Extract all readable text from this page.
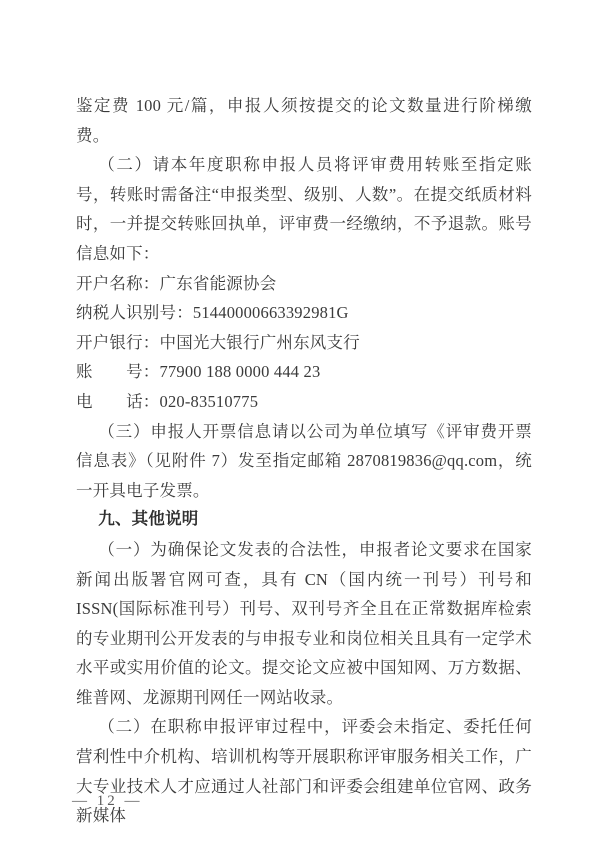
鉴定费 100 元/篇，申报人须按提交的论文数量进行阶梯缴费。

（二）请本年度职称申报人员将评审费用转账至指定账号，转账时需备注“申报类型、级别、人数”。在提交纸质材料时，一并提交转账回执单，评审费一经缴纳，不予退款。账号信息如下：

开户名称：广东省能源协会

纳税人识别号：51440000663392981G

开户银行：中国光大银行广州东风支行

账　　号：77900 188 0000 444 23

电　　话：020-83510775

（三）申报人开票信息请以公司为单位填写《评审费开票信息表》（见附件 7）发至指定邮箱 2870819836@qq.com，统一开具电子发票。

九、其他说明

（一）为确保论文发表的合法性，申报者论文要求在国家新闻出版署官网可查，具有 CN（国内统一刊号）刊号和 ISSN(国际标准刊号）刊号、双刊号齐全且在正常数据库检索的专业期刊公开发表的与申报专业和岗位相关且具有一定学术水平或实用价值的论文。提交论文应被中国知网、万方数据、维普网、龙源期刊网任一网站收录。

（二）在职称申报评审过程中，评委会未指定、委托任何营利性中介机构、培训机构等开展职称评审服务相关工作，广大专业技术人才应通过人社部门和评委会组建单位官网、政务新媒体

— 12 —
